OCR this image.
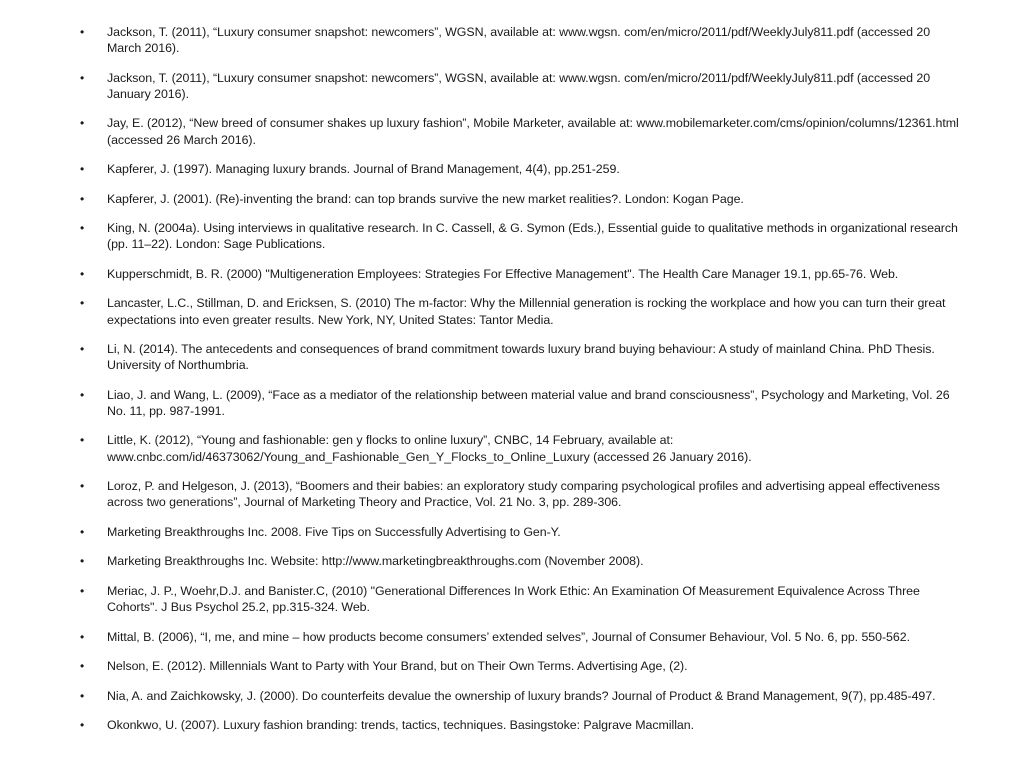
•	Jackson, T. (2011), “Luxury consumer snapshot: newcomers”, WGSN, available at: www.wgsn. com/en/micro/2011/pdf/WeeklyJuly811.pdf (accessed 20 March 2016).
•	Jackson, T. (2011), “Luxury consumer snapshot: newcomers”, WGSN, available at: www.wgsn. com/en/micro/2011/pdf/WeeklyJuly811.pdf (accessed 20 January 2016).
•	Jay, E. (2012), “New breed of consumer shakes up luxury fashion”, Mobile Marketer, available at: www.mobilemarketer.com/cms/opinion/columns/12361.html (accessed 26 March 2016).
•	Kapferer, J. (1997). Managing luxury brands. Journal of Brand Management, 4(4), pp.251-259.
•	Kapferer, J. (2001). (Re)-inventing the brand: can top brands survive the new market realities?. London: Kogan Page.
•	King, N. (2004a). Using interviews in qualitative research. In C. Cassell, & G. Symon (Eds.), Essential guide to qualitative methods in organizational research (pp. 11–22). London: Sage Publications.
•	Kupperschmidt, B. R. (2000) "Multigeneration Employees: Strategies For Effective Management". The Health Care Manager 19.1, pp.65-76. Web.
•	Lancaster, L.C., Stillman, D. and Ericksen, S. (2010) The m-factor: Why the Millennial generation is rocking the workplace and how you can turn their great expectations into even greater results. New York, NY, United States: Tantor Media.
•	Li, N. (2014). The antecedents and consequences of brand commitment towards luxury brand buying behaviour: A study of mainland China. PhD Thesis. University of Northumbria.
•	Liao, J. and Wang, L. (2009), “Face as a mediator of the relationship between material value and brand consciousness”, Psychology and Marketing, Vol. 26 No. 11, pp. 987-1991.
•	Little, K. (2012), “Young and fashionable: gen y flocks to online luxury”, CNBC, 14 February, available at: www.cnbc.com/id/46373062/Young_and_Fashionable_Gen_Y_Flocks_to_Online_Luxury (accessed 26 January 2016).
•	Loroz, P. and Helgeson, J. (2013), “Boomers and their babies: an exploratory study comparing psychological profiles and advertising appeal effectiveness across two generations”, Journal of Marketing Theory and Practice, Vol. 21 No. 3, pp. 289-306.
•	Marketing Breakthroughs Inc. 2008. Five Tips on Successfully Advertising to Gen-Y.
•	Marketing Breakthroughs Inc. Website: http://www.marketingbreakthroughs.com (November 2008).
•	Meriac, J. P., Woehr,D.J. and Banister.C, (2010) "Generational Differences In Work Ethic: An Examination Of Measurement Equivalence Across Three Cohorts". J Bus Psychol 25.2, pp.315-324. Web.
•	Mittal, B. (2006), “I, me, and mine – how products become consumers’ extended selves”, Journal of Consumer Behaviour, Vol. 5 No. 6, pp. 550-562.
•	Nelson, E. (2012). Millennials Want to Party with Your Brand, but on Their Own Terms. Advertising Age, (2).
•	Nia, A. and Zaichkowsky, J. (2000). Do counterfeits devalue the ownership of luxury brands? Journal of Product & Brand Management, 9(7), pp.485-497.
•	Okonkwo, U. (2007). Luxury fashion branding: trends, tactics, techniques. Basingstoke: Palgrave Macmillan.
